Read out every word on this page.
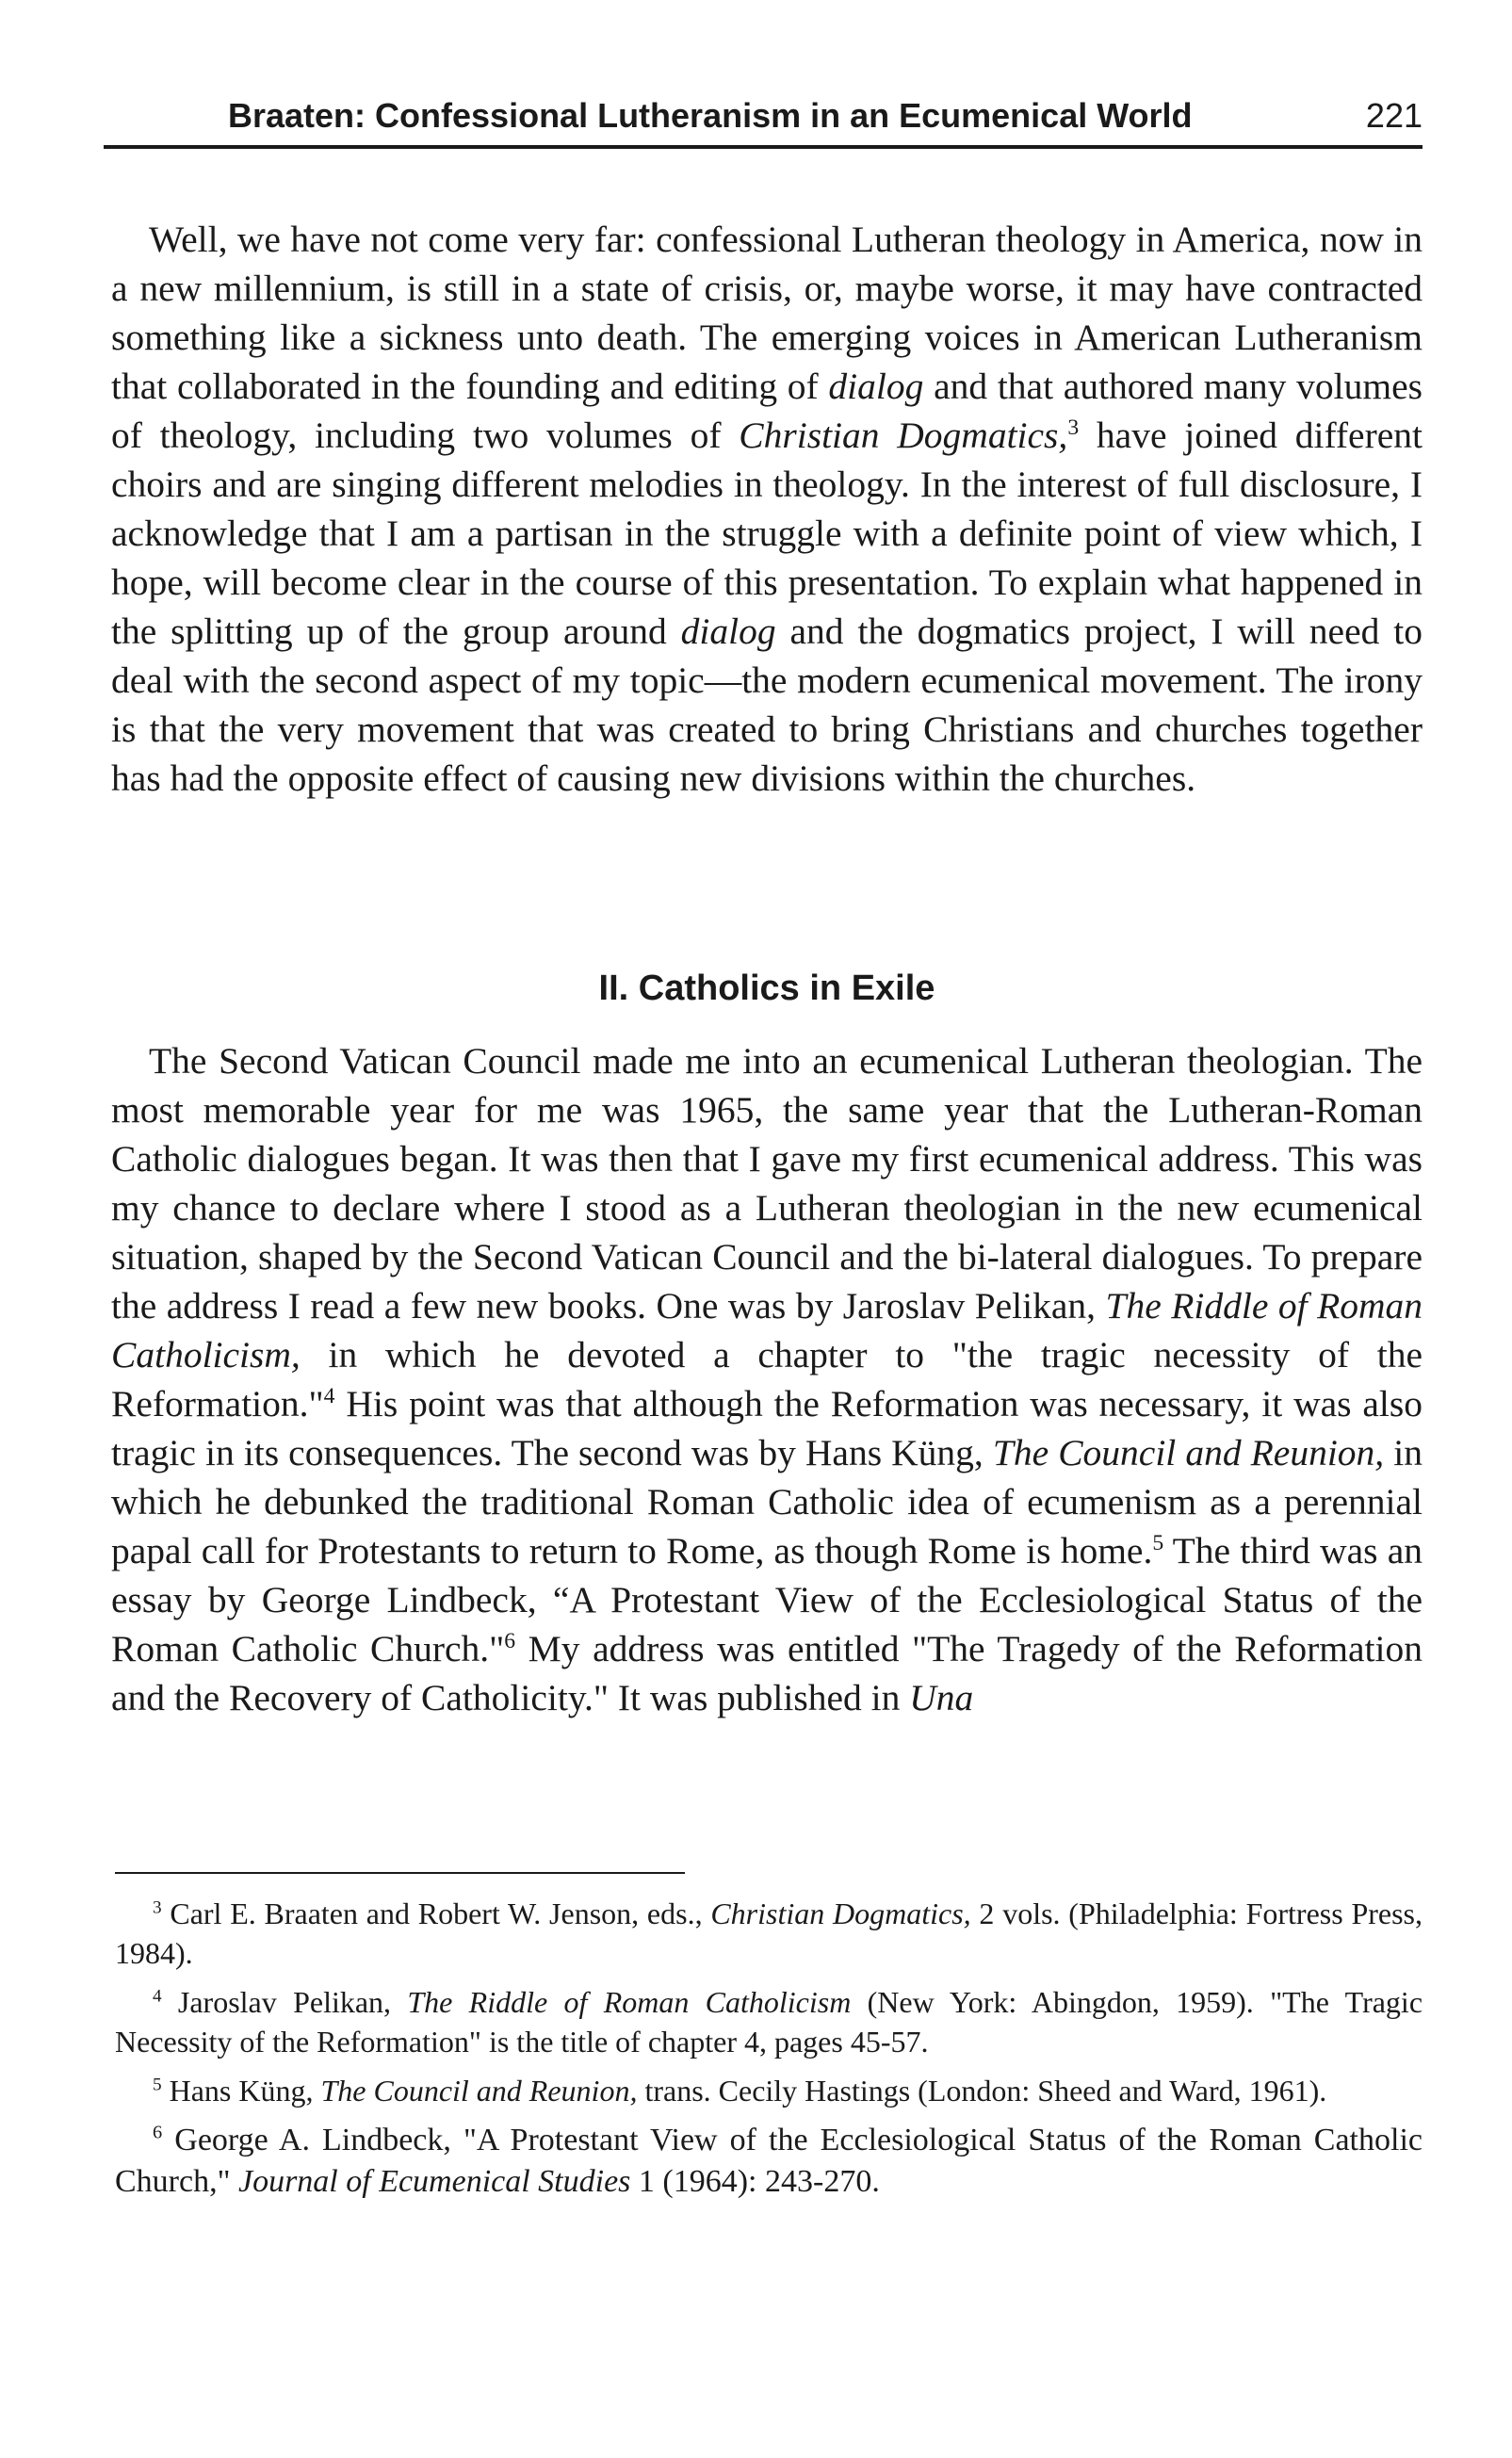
Braaten: Confessional Lutheranism in an Ecumenical World	221

Well, we have not come very far: confessional Lutheran theology in America, now in a new millennium, is still in a state of crisis, or, maybe worse, it may have contracted something like a sickness unto death. The emerging voices in American Lutheranism that collaborated in the founding and editing of dialog and that authored many volumes of theology, including two volumes of Christian Dogmatics,$^3$ have joined different choirs and are singing different melodies in theology. In the interest of full disclosure, I acknowledge that I am a partisan in the struggle with a definite point of view which, I hope, will become clear in the course of this presentation. To explain what happened in the splitting up of the group around dialog and the dogmatics project, I will need to deal with the second aspect of my topic—the modern ecumenical movement. The irony is that the very movement that was created to bring Christians and churches together has had the opposite effect of causing new divisions within the churches.

II. Catholics in Exile

The Second Vatican Council made me into an ecumenical Lutheran theologian. The most memorable year for me was 1965, the same year that the Lutheran-Roman Catholic dialogues began. It was then that I gave my first ecumenical address. This was my chance to declare where I stood as a Lutheran theologian in the new ecumenical situation, shaped by the Second Vatican Council and the bi-lateral dialogues. To prepare the address I read a few new books. One was by Jaroslav Pelikan, The Riddle of Roman Catholicism, in which he devoted a chapter to "the tragic necessity of the Reformation."$^4$ His point was that although the Reformation was necessary, it was also tragic in its consequences. The second was by Hans Küng, The Council and Reunion, in which he debunked the traditional Roman Catholic idea of ecumenism as a perennial papal call for Protestants to return to Rome, as though Rome is home.$^5$ The third was an essay by George Lindbeck, “A Protestant View of the Ecclesiological Status of the Roman Catholic Church."$^6$ My address was entitled "The Tragedy of the Reformation and the Recovery of Catholicity." It was published in Una

$^3$ Carl E. Braaten and Robert W. Jenson, eds., Christian Dogmatics, 2 vols. (Philadelphia: Fortress Press, 1984).

$^4$ Jaroslav Pelikan, The Riddle of Roman Catholicism (New York: Abingdon, 1959). "The Tragic Necessity of the Reformation" is the title of chapter 4, pages 45-57.

$^5$ Hans Küng, The Council and Reunion, trans. Cecily Hastings (London: Sheed and Ward, 1961).

$^6$ George A. Lindbeck, "A Protestant View of the Ecclesiological Status of the Roman Catholic Church," Journal of Ecumenical Studies 1 (1964): 243-270.
